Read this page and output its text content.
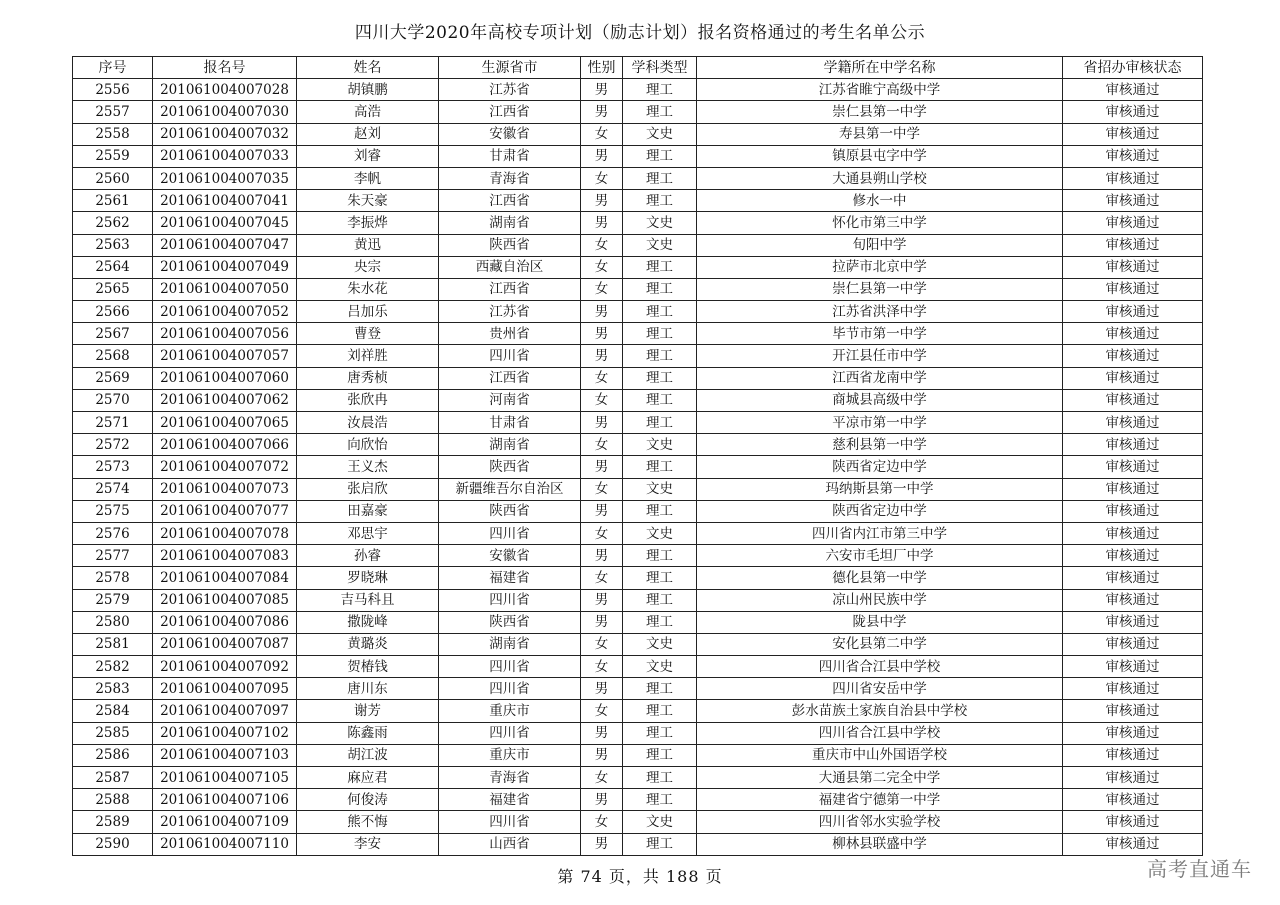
四川大学2020年高校专项计划（励志计划）报名资格通过的考生名单公示
序号	报名号	姓名	生源省市	性别	学科类型	学籍所在中学名称	省招办审核状态
2556	201061004007028	胡镇鹏	江苏省	男	理工	江苏省睢宁高级中学	审核通过
2557	201061004007030	高浩	江西省	男	理工	崇仁县第一中学	审核通过
2558	201061004007032	赵刘	安徽省	女	文史	寿县第一中学	审核通过
2559	201061004007033	刘睿	甘肃省	男	理工	镇原县屯字中学	审核通过
2560	201061004007035	李帆	青海省	女	理工	大通县朔山学校	审核通过
2561	201061004007041	朱天豪	江西省	男	理工	修水一中	审核通过
2562	201061004007045	李振烨	湖南省	男	文史	怀化市第三中学	审核通过
2563	201061004007047	黄迅	陕西省	女	文史	旬阳中学	审核通过
2564	201061004007049	央宗	西藏自治区	女	理工	拉萨市北京中学	审核通过
2565	201061004007050	朱水花	江西省	女	理工	崇仁县第一中学	审核通过
2566	201061004007052	吕加乐	江苏省	男	理工	江苏省洪泽中学	审核通过
2567	201061004007056	曹登	贵州省	男	理工	毕节市第一中学	审核通过
2568	201061004007057	刘祥胜	四川省	男	理工	开江县任市中学	审核通过
2569	201061004007060	唐秀桢	江西省	女	理工	江西省龙南中学	审核通过
2570	201061004007062	张欣冉	河南省	女	理工	商城县高级中学	审核通过
2571	201061004007065	汝晨浩	甘肃省	男	理工	平凉市第一中学	审核通过
2572	201061004007066	向欣怡	湖南省	女	文史	慈利县第一中学	审核通过
2573	201061004007072	王义杰	陕西省	男	理工	陕西省定边中学	审核通过
2574	201061004007073	张启欣	新疆维吾尔自治区	女	文史	玛纳斯县第一中学	审核通过
2575	201061004007077	田嘉豪	陕西省	男	理工	陕西省定边中学	审核通过
2576	201061004007078	邓思宇	四川省	女	文史	四川省内江市第三中学	审核通过
2577	201061004007083	孙睿	安徽省	男	理工	六安市毛坦厂中学	审核通过
2578	201061004007084	罗晓琳	福建省	女	理工	德化县第一中学	审核通过
2579	201061004007085	吉马科且	四川省	男	理工	凉山州民族中学	审核通过
2580	201061004007086	撒陇峰	陕西省	男	理工	陇县中学	审核通过
2581	201061004007087	黄璐炎	湖南省	女	文史	安化县第二中学	审核通过
2582	201061004007092	贺椿钱	四川省	女	文史	四川省合江县中学校	审核通过
2583	201061004007095	唐川东	四川省	男	理工	四川省安岳中学	审核通过
2584	201061004007097	谢芳	重庆市	女	理工	彭水苗族土家族自治县中学校	审核通过
2585	201061004007102	陈鑫雨	四川省	男	理工	四川省合江县中学校	审核通过
2586	201061004007103	胡江波	重庆市	男	理工	重庆市中山外国语学校	审核通过
2587	201061004007105	麻应君	青海省	女	理工	大通县第二完全中学	审核通过
2588	201061004007106	何俊涛	福建省	男	理工	福建省宁德第一中学	审核通过
2589	201061004007109	熊不悔	四川省	女	文史	四川省邻水实验学校	审核通过
2590	201061004007110	李安	山西省	男	理工	柳林县联盛中学	审核通过
第 74 页，共 188 页	高考直通车
